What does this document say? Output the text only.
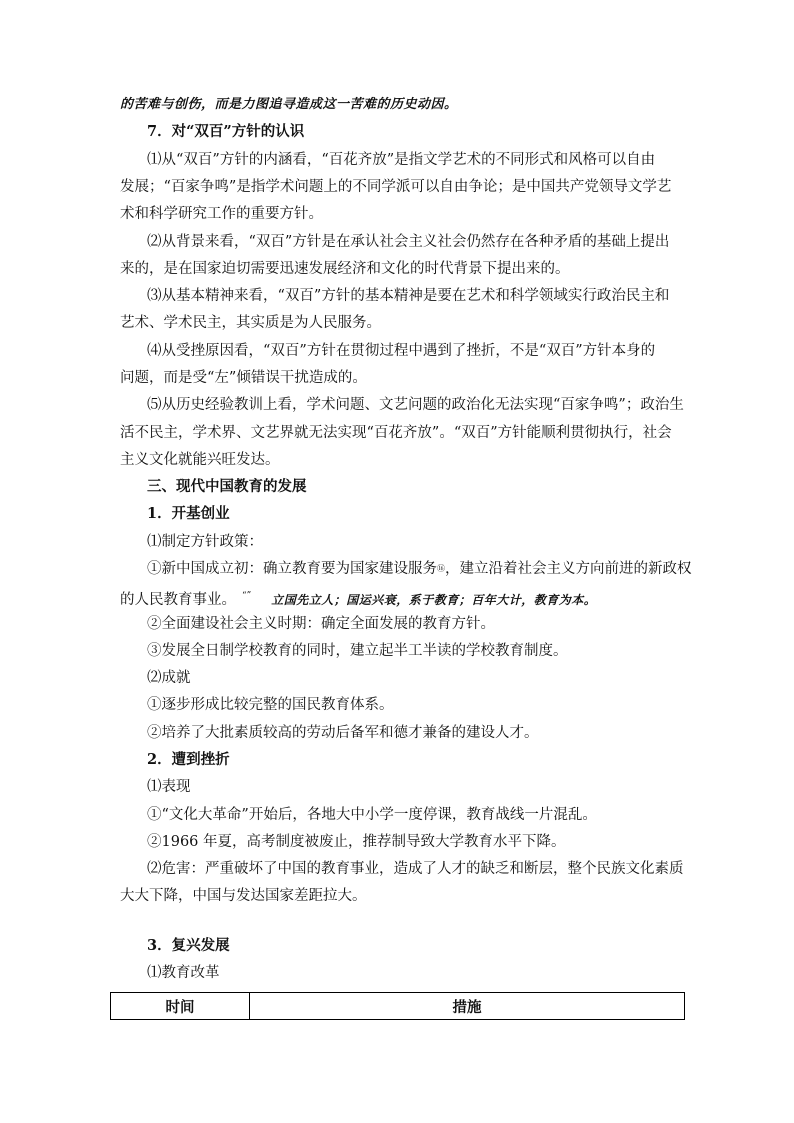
的苦难与创伤，而是力图追寻造成这一苦难的历史动因。
7．对“双百”方针的认识
⑴从“双百”方针的内涵看，“百花齐放”是指文学艺术的不同形式和风格可以自由
发展；“百家争鸣”是指学术问题上的不同学派可以自由争论；是中国共产党领导文学艺
术和科学研究工作的重要方针。
⑵从背景来看，“双百”方针是在承认社会主义社会仍然存在各种矛盾的基础上提出
来的，是在国家迫切需要迅速发展经济和文化的时代背景下提出来的。
⑶从基本精神来看，“双百”方针的基本精神是要在艺术和科学领域实行政治民主和
艺术、学术民主，其实质是为人民服务。
⑷从受挫原因看，“双百”方针在贯彻过程中遇到了挫折，不是“双百”方针本身的
问题，而是受“左”倾错误干扰造成的。
⑸从历史经验教训上看，学术问题、文艺问题的政治化无法实现“百家争鸣”；政治生
活不民主，学术界、文艺界就无法实现“百花齐放”。“双百”方针能顺利贯彻执行，社会
主义文化就能兴旺发达。
三、现代中国教育的发展
1．开基创业
⑴制定方针政策：
①新中国成立初：确立教育要为国家建设服务⑯，建立沿着社会主义方向前进的新政权
的人民教育事业。 “” 立国先立人；国运兴衰，系于教育；百年大计，教育为本。
②全面建设社会主义时期：确定全面发展的教育方针。
③发展全日制学校教育的同时，建立起半工半读的学校教育制度。
⑵成就
①逐步形成比较完整的国民教育体系。
②培养了大批素质较高的劳动后备军和德才兼备的建设人才。
2．遭到挫折
⑴表现
①“文化大革命”开始后，各地大中小学一度停课，教育战线一片混乱。
②1966 年夏，高考制度被废止，推荐制导致大学教育水平下降。
⑵危害：严重破坏了中国的教育事业，造成了人才的缺乏和断层，整个民族文化素质
大大下降，中国与发达国家差距拉大。
3．复兴发展
⑴教育改革
时间	措施
